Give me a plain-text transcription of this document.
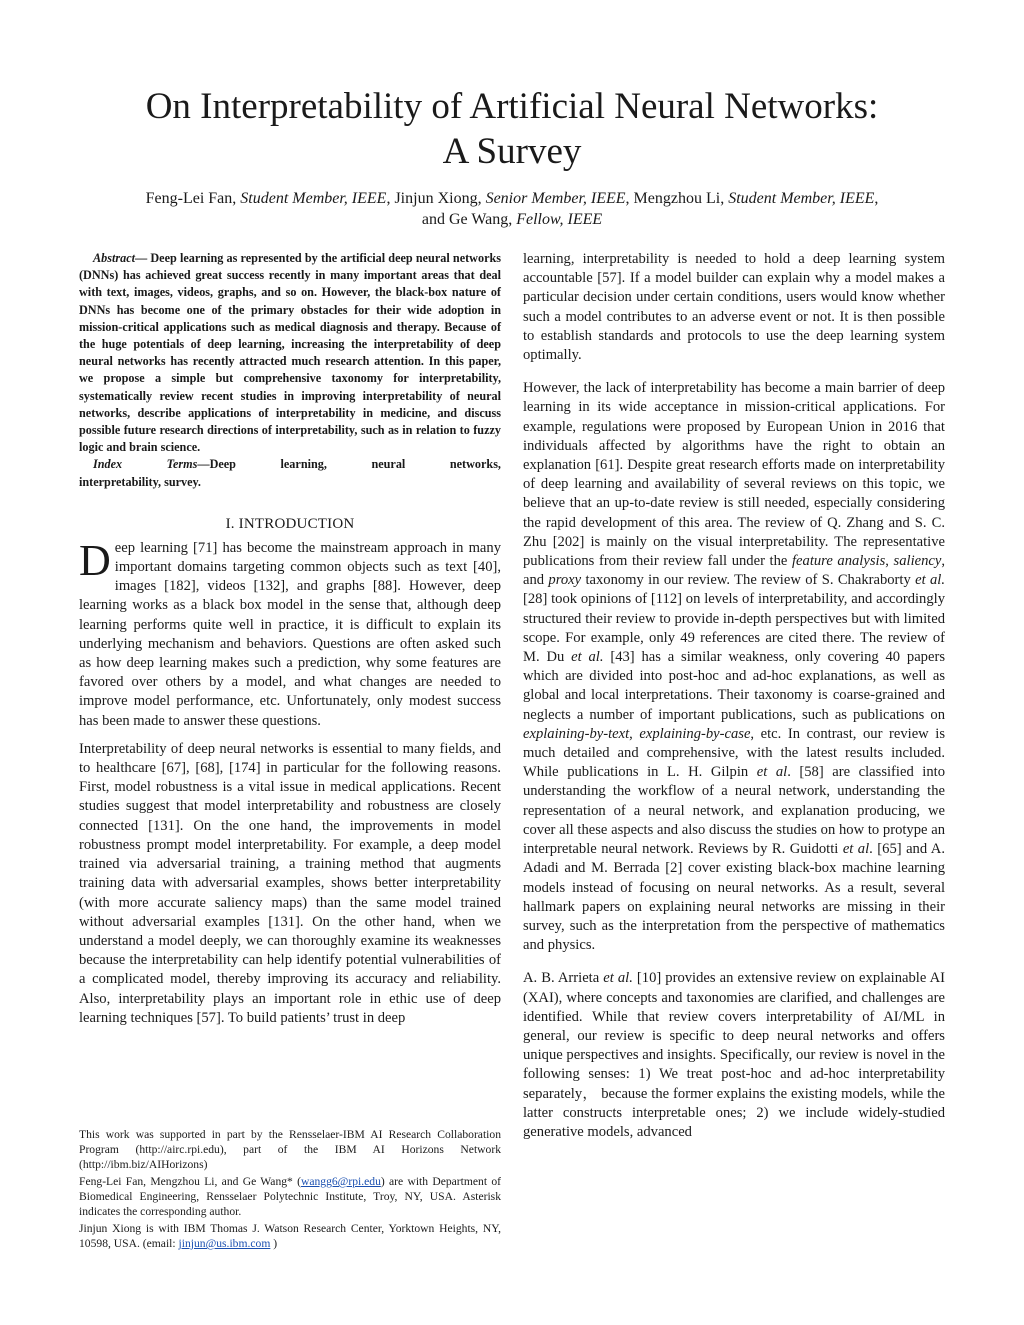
On Interpretability of Artificial Neural Networks:
A Survey
Feng-Lei Fan, Student Member, IEEE, Jinjun Xiong, Senior Member, IEEE, Mengzhou Li, Student Member, IEEE,
and Ge Wang, Fellow, IEEE

Abstract— Deep learning as represented by the artificial deep neural networks (DNNs) has achieved great success recently in many important areas that deal with text, images, videos, graphs, and so on. However, the black-box nature of DNNs has become one of the primary obstacles for their wide adoption in mission-critical applications such as medical diagnosis and therapy. Because of the huge potentials of deep learning, increasing the interpretability of deep neural networks has recently attracted much research attention. In this paper, we propose a simple but comprehensive taxonomy for interpretability, systematically review recent studies in improving interpretability of neural networks, describe applications of interpretability in medicine, and discuss possible future research directions of interpretability, such as in relation to fuzzy logic and brain science.

Index	Terms—Deep	learning,	neural	networks,
interpretability, survey.
I. INTRODUCTION

Deep learning [71] has become the mainstream approach in many important domains targeting common objects such as text [40], images [182], videos [132], and graphs [88]. However, deep learning works as a black box model in the sense that, although deep learning performs quite well in practice, it is difficult to explain its underlying mechanism and behaviors. Questions are often asked such as how deep learning makes such a prediction, why some features are favored over others by a model, and what changes are needed to improve model performance, etc. Unfortunately, only modest success has been made to answer these questions.

Interpretability of deep neural networks is essential to many fields, and to healthcare [67], [68], [174] in particular for the following reasons. First, model robustness is a vital issue in medical applications. Recent studies suggest that model interpretability and robustness are closely connected [131]. On the one hand, the improvements in model robustness prompt model interpretability. For example, a deep model trained via adversarial training, a training method that augments training data with adversarial examples, shows better interpretability (with more accurate saliency maps) than the same model trained without adversarial examples [131]. On the other hand, when we understand a model deeply, we can thoroughly examine its weaknesses because the interpretability can help identify potential vulnerabilities of a complicated model, thereby improving its accuracy and reliability. Also, interpretability plays an important role in ethic use of deep learning techniques [57]. To build patients’ trust in deep

This work was supported in part by the Rensselaer-IBM AI Research Collaboration Program (http://airc.rpi.edu), part of the IBM AI Horizons Network (http://ibm.biz/AIHorizons)

Feng-Lei Fan, Mengzhou Li, and Ge Wang* (wangg6@rpi.edu) are with Department of Biomedical Engineering, Rensselaer Polytechnic Institute, Troy, NY, USA. Asterisk indicates the corresponding author.

Jinjun Xiong is with IBM Thomas J. Watson Research Center, Yorktown Heights, NY, 10598, USA. (email: jinjun@us.ibm.com )

learning, interpretability is needed to hold a deep learning system accountable [57]. If a model builder can explain why a model makes a particular decision under certain conditions, users would know whether such a model contributes to an adverse event or not. It is then possible to establish standards and protocols to use the deep learning system optimally.

However, the lack of interpretability has become a main barrier of deep learning in its wide acceptance in mission-critical applications. For example, regulations were proposed by European Union in 2016 that individuals affected by algorithms have the right to obtain an explanation [61]. Despite great research efforts made on interpretability of deep learning and availability of several reviews on this topic, we believe that an up-to-date review is still needed, especially considering the rapid development of this area. The review of Q. Zhang and S. C. Zhu [202] is mainly on the visual interpretability. The representative publications from their review fall under the feature analysis, saliency, and proxy taxonomy in our review. The review of S. Chakraborty et al. [28] took opinions of [112] on levels of interpretability, and accordingly structured their review to provide in-depth perspectives but with limited scope. For example, only 49 references are cited there. The review of M. Du et al. [43] has a similar weakness, only covering 40 papers which are divided into post-hoc and ad-hoc explanations, as well as global and local interpretations. Their taxonomy is coarse-grained and neglects a number of important publications, such as publications on explaining-by-text, explaining-by-case, etc. In contrast, our review is much detailed and comprehensive, with the latest results included. While publications in L. H. Gilpin et al. [58] are classified into understanding the workflow of a neural network, understanding the representation of a neural network, and explanation producing, we cover all these aspects and also discuss the studies on how to protype an interpretable neural network. Reviews by R. Guidotti et al. [65] and A. Adadi and M. Berrada [2] cover existing black-box machine learning models instead of focusing on neural networks. As a result, several hallmark papers on explaining neural networks are missing in their survey, such as the interpretation from the perspective of mathematics and physics.

A. B. Arrieta et al. [10] provides an extensive review on explainable AI (XAI), where concepts and taxonomies are clarified, and challenges are identified. While that review covers interpretability of AI/ML in general, our review is specific to deep neural networks and offers unique perspectives and insights. Specifically, our review is novel in the following senses: 1) We treat post-hoc and ad-hoc interpretability separately， because the former explains the existing models, while the latter constructs interpretable ones; 2) we include widely-studied generative models, advanced
